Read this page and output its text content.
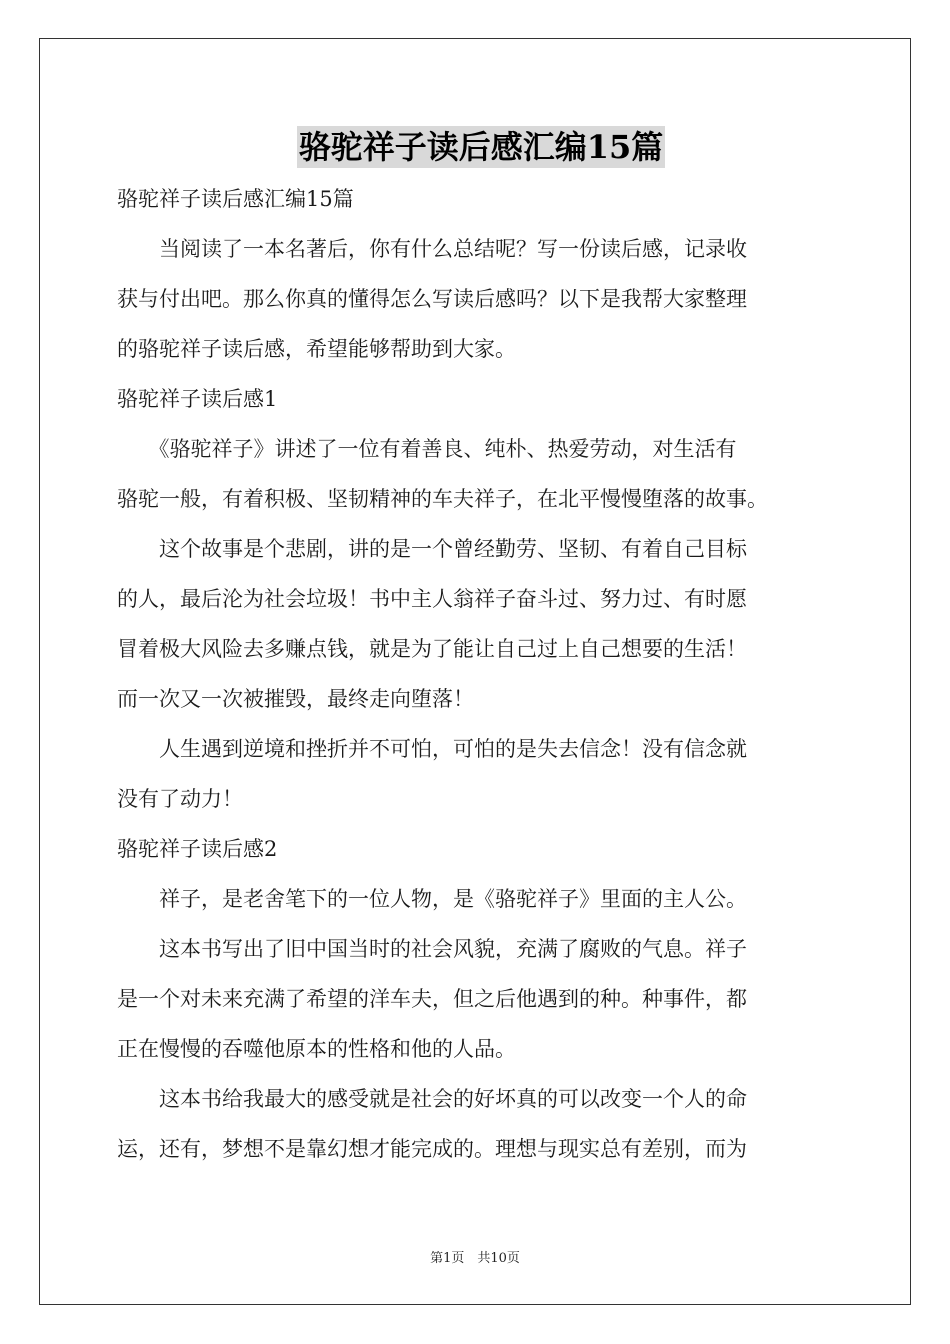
骆驼祥子读后感汇编15篇
骆驼祥子读后感汇编15篇
　　当阅读了一本名著后，你有什么总结呢？写一份读后感，记录收
获与付出吧。那么你真的懂得怎么写读后感吗？以下是我帮大家整理
的骆驼祥子读后感，希望能够帮助到大家。
骆驼祥子读后感1
　　《骆驼祥子》讲述了一位有着善良、纯朴、热爱劳动，对生活有
骆驼一般，有着积极、坚韧精神的车夫祥子，在北平慢慢堕落的故事。
　　这个故事是个悲剧，讲的是一个曾经勤劳、坚韧、有着自己目标
的人，最后沦为社会垃圾！书中主人翁祥子奋斗过、努力过、有时愿
冒着极大风险去多赚点钱，就是为了能让自己过上自己想要的生活！
而一次又一次被摧毁，最终走向堕落！
　　人生遇到逆境和挫折并不可怕，可怕的是失去信念！没有信念就
没有了动力！
骆驼祥子读后感2
　　祥子，是老舍笔下的一位人物，是《骆驼祥子》里面的主人公。
　　这本书写出了旧中国当时的社会风貌，充满了腐败的气息。祥子
是一个对未来充满了希望的洋车夫，但之后他遇到的种。种事件，都
正在慢慢的吞噬他原本的性格和他的人品。
　　这本书给我最大的感受就是社会的好坏真的可以改变一个人的命
运，还有，梦想不是靠幻想才能完成的。理想与现实总有差别，而为
第1页　共10页
